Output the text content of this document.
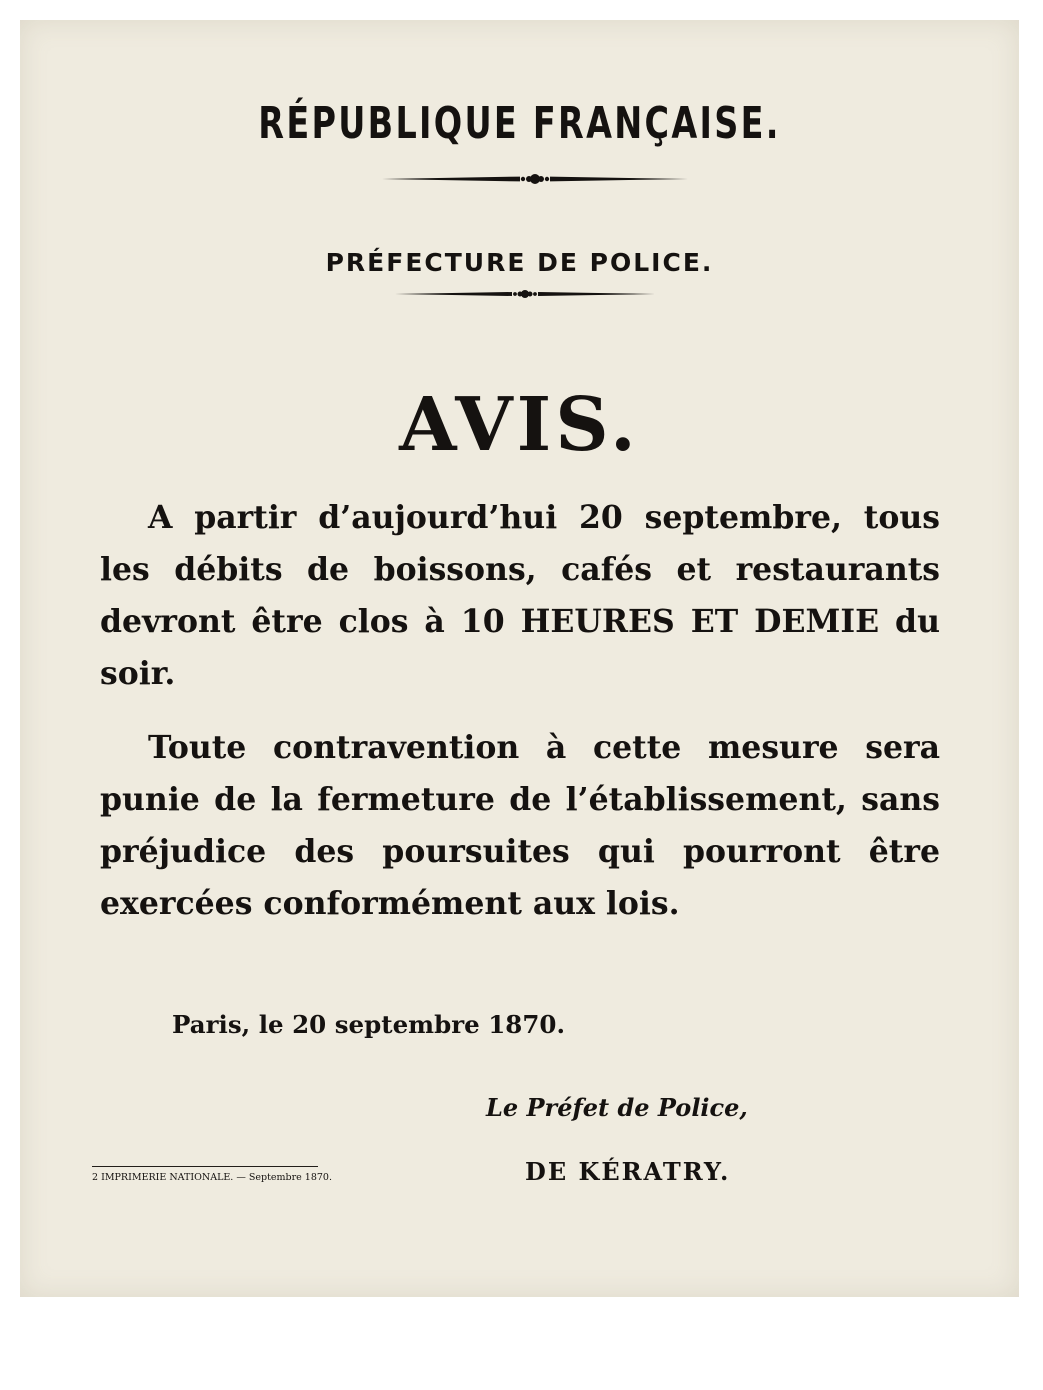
RÉPUBLIQUE FRANÇAISE.
PRÉFECTURE DE POLICE.
AVIS.

A partir d’aujourd’hui 20 septembre, tous les débits de boissons, cafés et restaurants devront être clos à 10 HEURES ET DEMIE du soir.

Toute contravention à cette mesure sera punie de la fermeture de l’établissement, sans préjudice des poursuites qui pourront être exercées conformément aux lois.

Paris, le 20 septembre 1870.

Le Préfet de Police,

2 IMPRIMERIE NATIONALE. — Septembre 1870.	DE KÉRATRY.
